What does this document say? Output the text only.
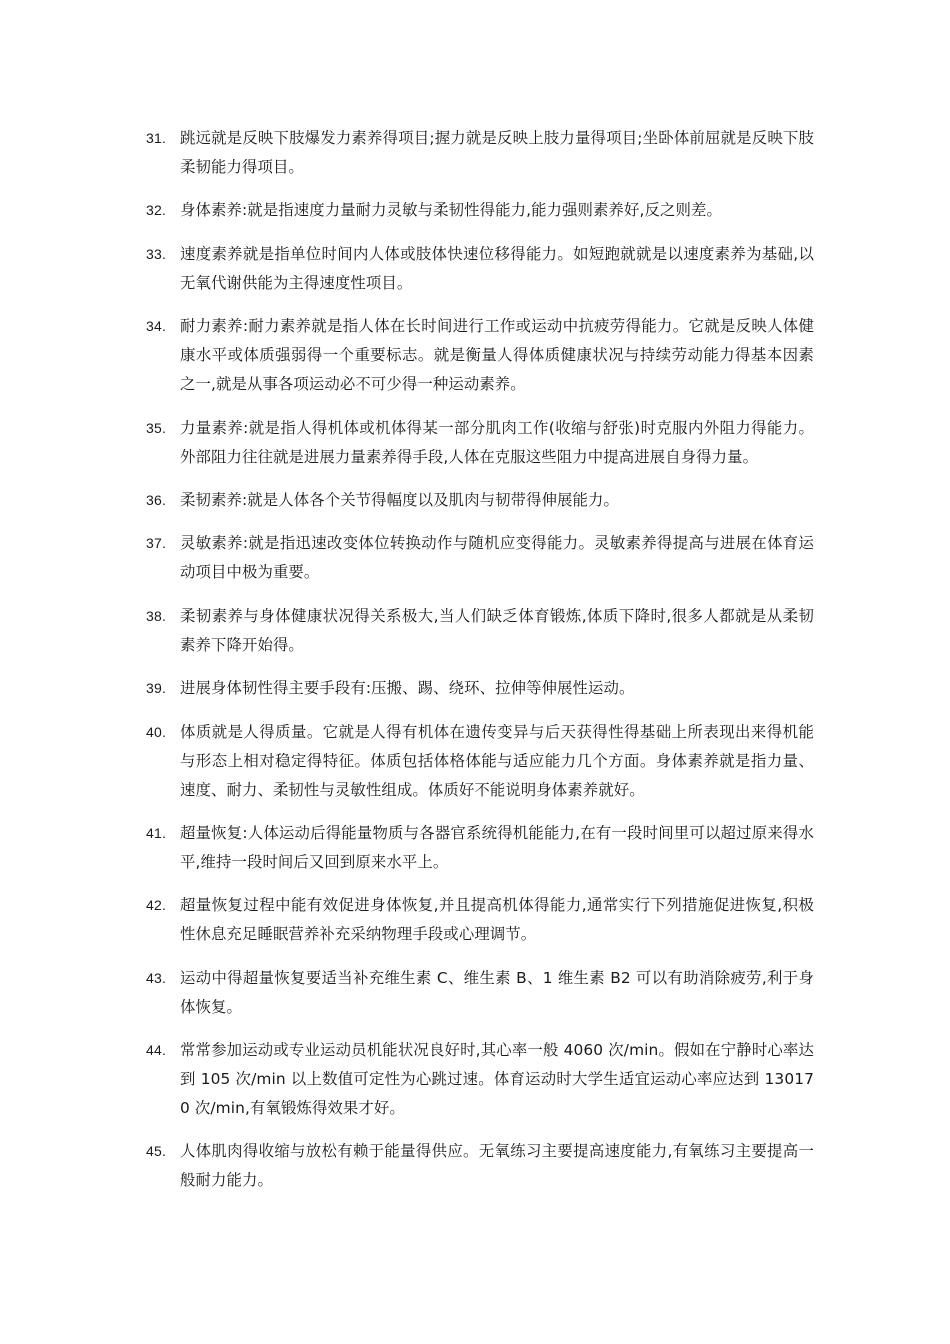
31. 跳远就是反映下肢爆发力素养得项目;握力就是反映上肢力量得项目;坐卧体前屈就是反映下肢柔韧能力得项目。
32. 身体素养:就是指速度力量耐力灵敏与柔韧性得能力,能力强则素养好,反之则差。
33. 速度素养就是指单位时间内人体或肢体快速位移得能力。如短跑就就是以速度素养为基础,以无氧代谢供能为主得速度性项目。
34. 耐力素养:耐力素养就是指人体在长时间进行工作或运动中抗疲劳得能力。它就是反映人体健康水平或体质强弱得一个重要标志。就是衡量人得体质健康状况与持续劳动能力得基本因素之一,就是从事各项运动必不可少得一种运动素养。
35. 力量素养:就是指人得机体或机体得某一部分肌肉工作(收缩与舒张)时克服内外阻力得能力。外部阻力往往就是进展力量素养得手段,人体在克服这些阻力中提高进展自身得力量。
36. 柔韧素养:就是人体各个关节得幅度以及肌肉与韧带得伸展能力。
37. 灵敏素养:就是指迅速改变体位转换动作与随机应变得能力。灵敏素养得提高与进展在体育运动项目中极为重要。
38. 柔韧素养与身体健康状况得关系极大,当人们缺乏体育锻炼,体质下降时,很多人都就是从柔韧素养下降开始得。
39. 进展身体韧性得主要手段有:压搬、踢、绕环、拉伸等伸展性运动。
40. 体质就是人得质量。它就是人得有机体在遗传变异与后天获得性得基础上所表现出来得机能与形态上相对稳定得特征。体质包括体格体能与适应能力几个方面。身体素养就是指力量、速度、耐力、柔韧性与灵敏性组成。体质好不能说明身体素养就好。
41. 超量恢复:人体运动后得能量物质与各器官系统得机能能力,在有一段时间里可以超过原来得水平,维持一段时间后又回到原来水平上。
42. 超量恢复过程中能有效促进身体恢复,并且提高机体得能力,通常实行下列措施促进恢复,积极性休息充足睡眠营养补充采纳物理手段或心理调节。
43. 运动中得超量恢复要适当补充维生素 C、维生素 B、1 维生素 B2 可以有助消除疲劳,利于身体恢复。
44. 常常参加运动或专业运动员机能状况良好时,其心率一般 4060 次/min。假如在宁静时心率达到 105 次/min 以上数值可定性为心跳过速。体育运动时大学生适宜运动心率应达到 130170 次/min,有氧锻炼得效果才好。
45. 人体肌肉得收缩与放松有赖于能量得供应。无氧练习主要提高速度能力,有氧练习主要提高一般耐力能力。
